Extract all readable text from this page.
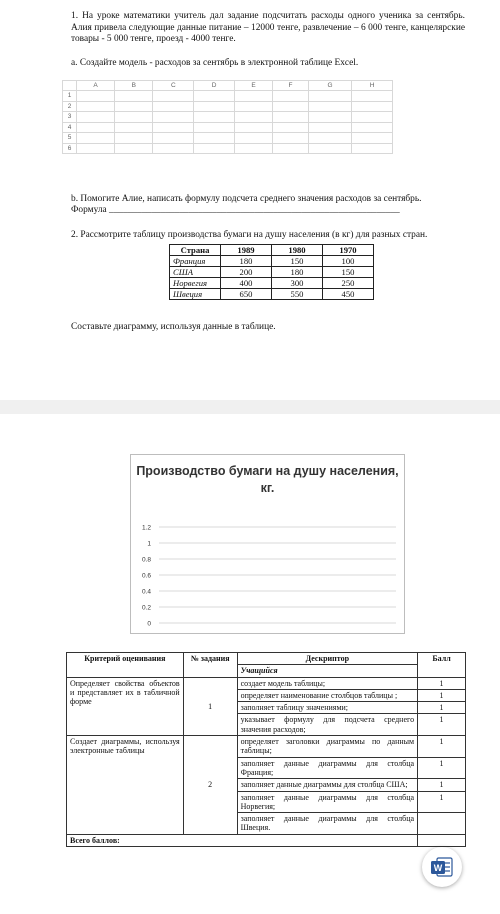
1. На уроке математики учитель дал задание подсчитать расходы одного ученика за сентябрь. Алия привела следующие данные питание – 12000 тенге, развлечение – 6 000 тенге, канцелярские товары - 5 000 тенге, проезд - 4000 тенге.
a. Создайте модель - расходов за сентябрь в электронной таблице Excel.
	A	B	C	D	E	F	G	H
1								
2								
3								
4								
5								
6								
b. Помогите Алие, написать формулу подсчета среднего значения расходов за сентябрь.
Формула ______________________________________________________________
2. Рассмотрите таблицу производства бумаги на душу населения (в кг) для разных стран.
Страна	1989	1980	1970
Франция	180	150	100
США	200	180	150
Норвегия	400	300	250
Швеция	650	550	450
Составьте диаграмму, используя данные в таблице.
Производство бумаги на душу населения, кг.
1.2
1
0.8
0.6
0.4
0.2
0
Критерий оценивания	№ задания	Дескриптор	Балл
		Учащийся	
Определяет свойства объектов и представляет их в табличной форме	1	создает модель таблицы;	1
		определяет наименование столбцов таблицы ;	1
		заполняет таблицу значениями;	1
		указывает формулу для подсчета среднего значения расходов;	1
Создает диаграммы, используя электронные таблицы	2	определяет заголовки диаграммы по данным таблицы;	1
		заполняет данные диаграммы для столбца Франция;	1
		заполняет данные диаграммы для столбца США;	1
		заполняет данные диаграммы для столбца Норвегия;	1
		заполняет данные диаграммы для столбца Швеция.	
Всего баллов:			
W
